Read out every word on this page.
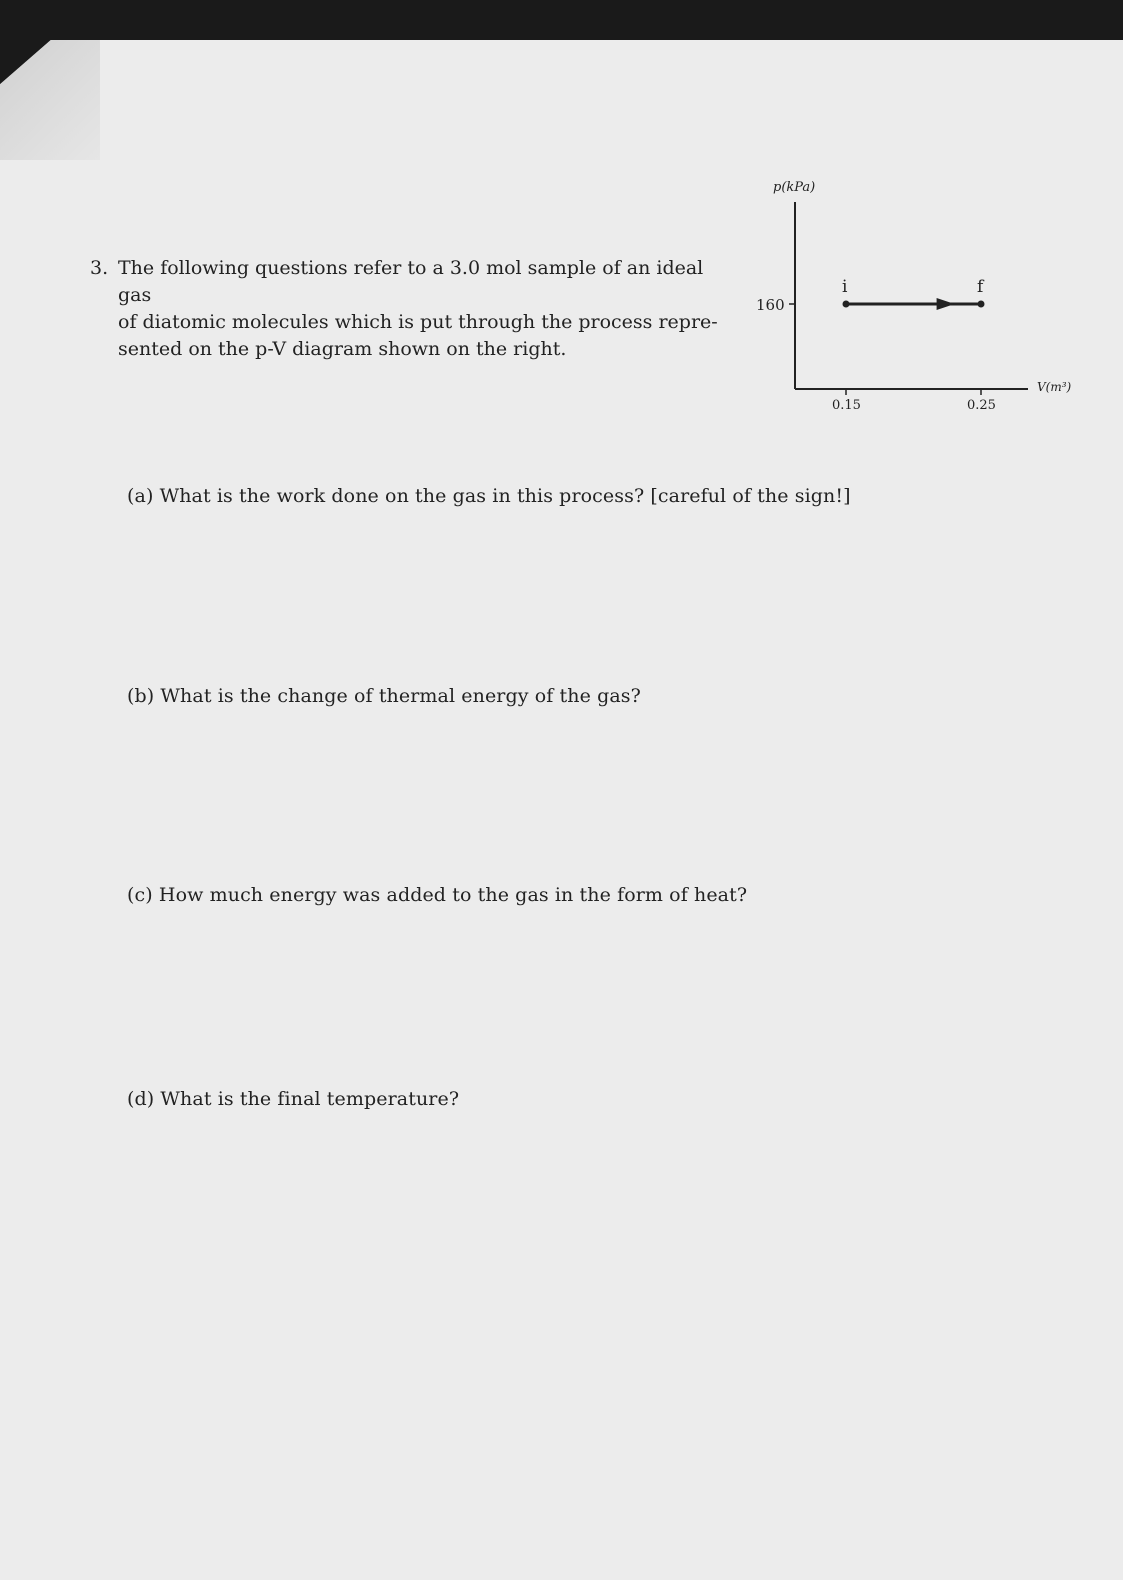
3. The following questions refer to a 3.0 mol sample of an ideal gas
of diatomic molecules which is put through the process repre-
sented on the p-V diagram shown on the right.
p(kPa)
160
0.15	0.25
V(m³)
i	f
(a) What is the work done on the gas in this process? [careful of the sign!]
(b) What is the change of thermal energy of the gas?
(c) How much energy was added to the gas in the form of heat?
(d) What is the final temperature?
